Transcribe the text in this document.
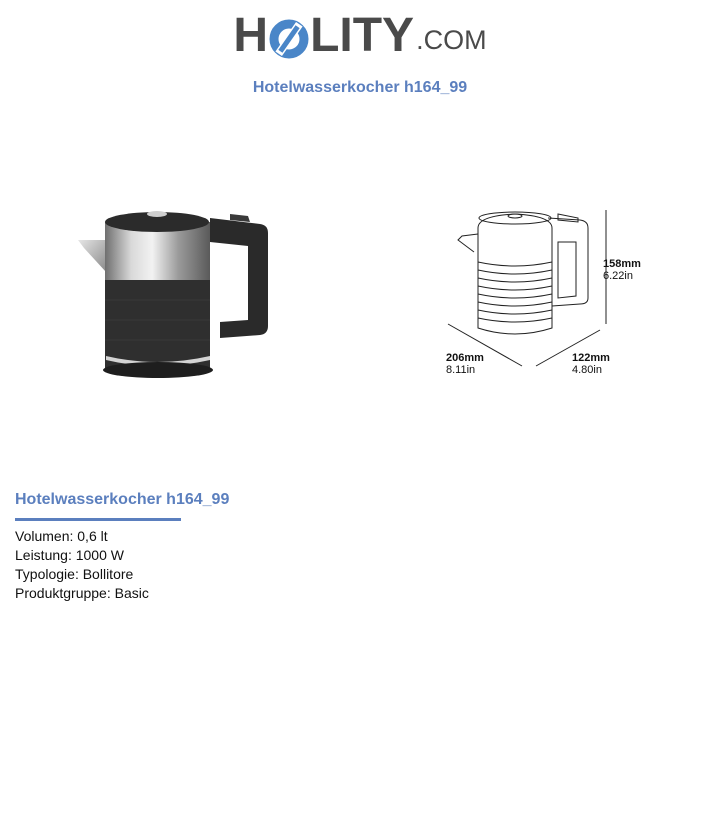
H LITY .COM
Hotelwasserkocher h164_99
158mm
6.22in
206mm
8.11in
122mm
4.80in
Hotelwasserkocher h164_99
Volumen: 0,6 lt
Leistung: 1000 W
Typologie: Bollitore
Produktgruppe: Basic
